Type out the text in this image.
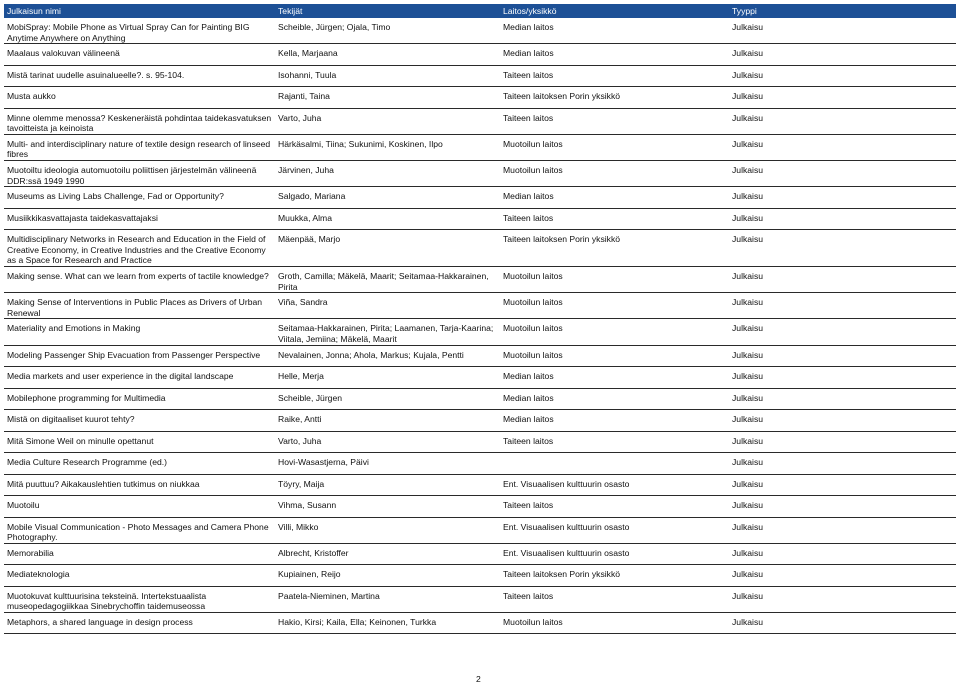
Julkaisun nimi	Tekijät	Laitos/yksikkö	Tyyppi

MobiSpray: Mobile Phone as Virtual Spray Can for Painting BIG Anytime Anywhere on Anything	Scheible, Jürgen; Ojala, Timo	Median laitos	Julkaisu

Maalaus valokuvan välineenä	Kella, Marjaana	Median laitos	Julkaisu

Mistä tarinat uudelle asuinalueelle?. s. 95-104.	Isohanni, Tuula	Taiteen laitos	Julkaisu

Musta aukko	Rajanti, Taina	Taiteen laitoksen Porin yksikkö	Julkaisu

Minne olemme menossa? Keskeneräistä pohdintaa taidekasvatuksen tavoitteista ja keinoista	Varto, Juha	Taiteen laitos	Julkaisu

Multi- and interdisciplinary nature of textile design research of linseed fibres	Härkäsalmi, Tiina; Sukunimi, Koskinen, Ilpo	Muotoilun laitos	Julkaisu

Muotoiltu ideologia automuotoilu poliittisen järjestelmän välineenä DDR:ssä 1949 1990	Järvinen, Juha	Muotoilun laitos	Julkaisu

Museums as Living Labs Challenge, Fad or Opportunity?	Salgado, Mariana	Median laitos	Julkaisu

Musiikkikasvattajasta taidekasvattajaksi	Muukka, Alma	Taiteen laitos	Julkaisu

Multidisciplinary Networks in Research and Education in the Field of Creative Economy, in Creative Industries and the Creative Economy as a Space for Research and Practice	Mäenpää, Marjo	Taiteen laitoksen Porin yksikkö	Julkaisu

Making sense. What can we learn from experts of tactile knowledge?	Groth, Camilla; Mäkelä, Maarit; Seitamaa-Hakkarainen, Pirita	Muotoilun laitos	Julkaisu

Making Sense of Interventions in Public Places as Drivers of Urban Renewal	Viña, Sandra	Muotoilun laitos	Julkaisu

Materiality and Emotions in Making	Seitamaa-Hakkarainen, Pirita; Laamanen, Tarja-Kaarina; Viitala, Jemiina; Mäkelä, Maarit	Muotoilun laitos	Julkaisu

Modeling Passenger Ship Evacuation from Passenger Perspective	Nevalainen, Jonna; Ahola, Markus; Kujala, Pentti	Muotoilun laitos	Julkaisu

Media markets and user experience in the digital landscape	Helle, Merja	Median laitos	Julkaisu

Mobilephone programming for Multimedia	Scheible, Jürgen	Median laitos	Julkaisu

Mistä on digitaaliset kuurot tehty?	Raike, Antti	Median laitos	Julkaisu

Mitä Simone Weil on minulle opettanut	Varto, Juha	Taiteen laitos	Julkaisu

Media Culture Research Programme (ed.)	Hovi-Wasastjerna, Päivi		Julkaisu

Mitä puuttuu? Aikakauslehtien tutkimus on niukkaa	Töyry, Maija	Ent. Visuaalisen kulttuurin osasto	Julkaisu

Muotoilu	Vihma, Susann	Taiteen laitos	Julkaisu

Mobile Visual Communication - Photo Messages and Camera Phone Photography.	Villi, Mikko	Ent. Visuaalisen kulttuurin osasto	Julkaisu

Memorabilia	Albrecht, Kristoffer	Ent. Visuaalisen kulttuurin osasto	Julkaisu

Mediateknologia	Kupiainen, Reijo	Taiteen laitoksen Porin yksikkö	Julkaisu

Muotokuvat kulttuurisina teksteinä. Intertekstuaalista museopedagogiikkaa Sinebrychoffin taidemuseossa	Paatela-Nieminen, Martina	Taiteen laitos	Julkaisu

Metaphors, a shared language in design process	Hakio, Kirsi; Kaila, Ella; Keinonen, Turkka	Muotoilun laitos	Julkaisu
2
